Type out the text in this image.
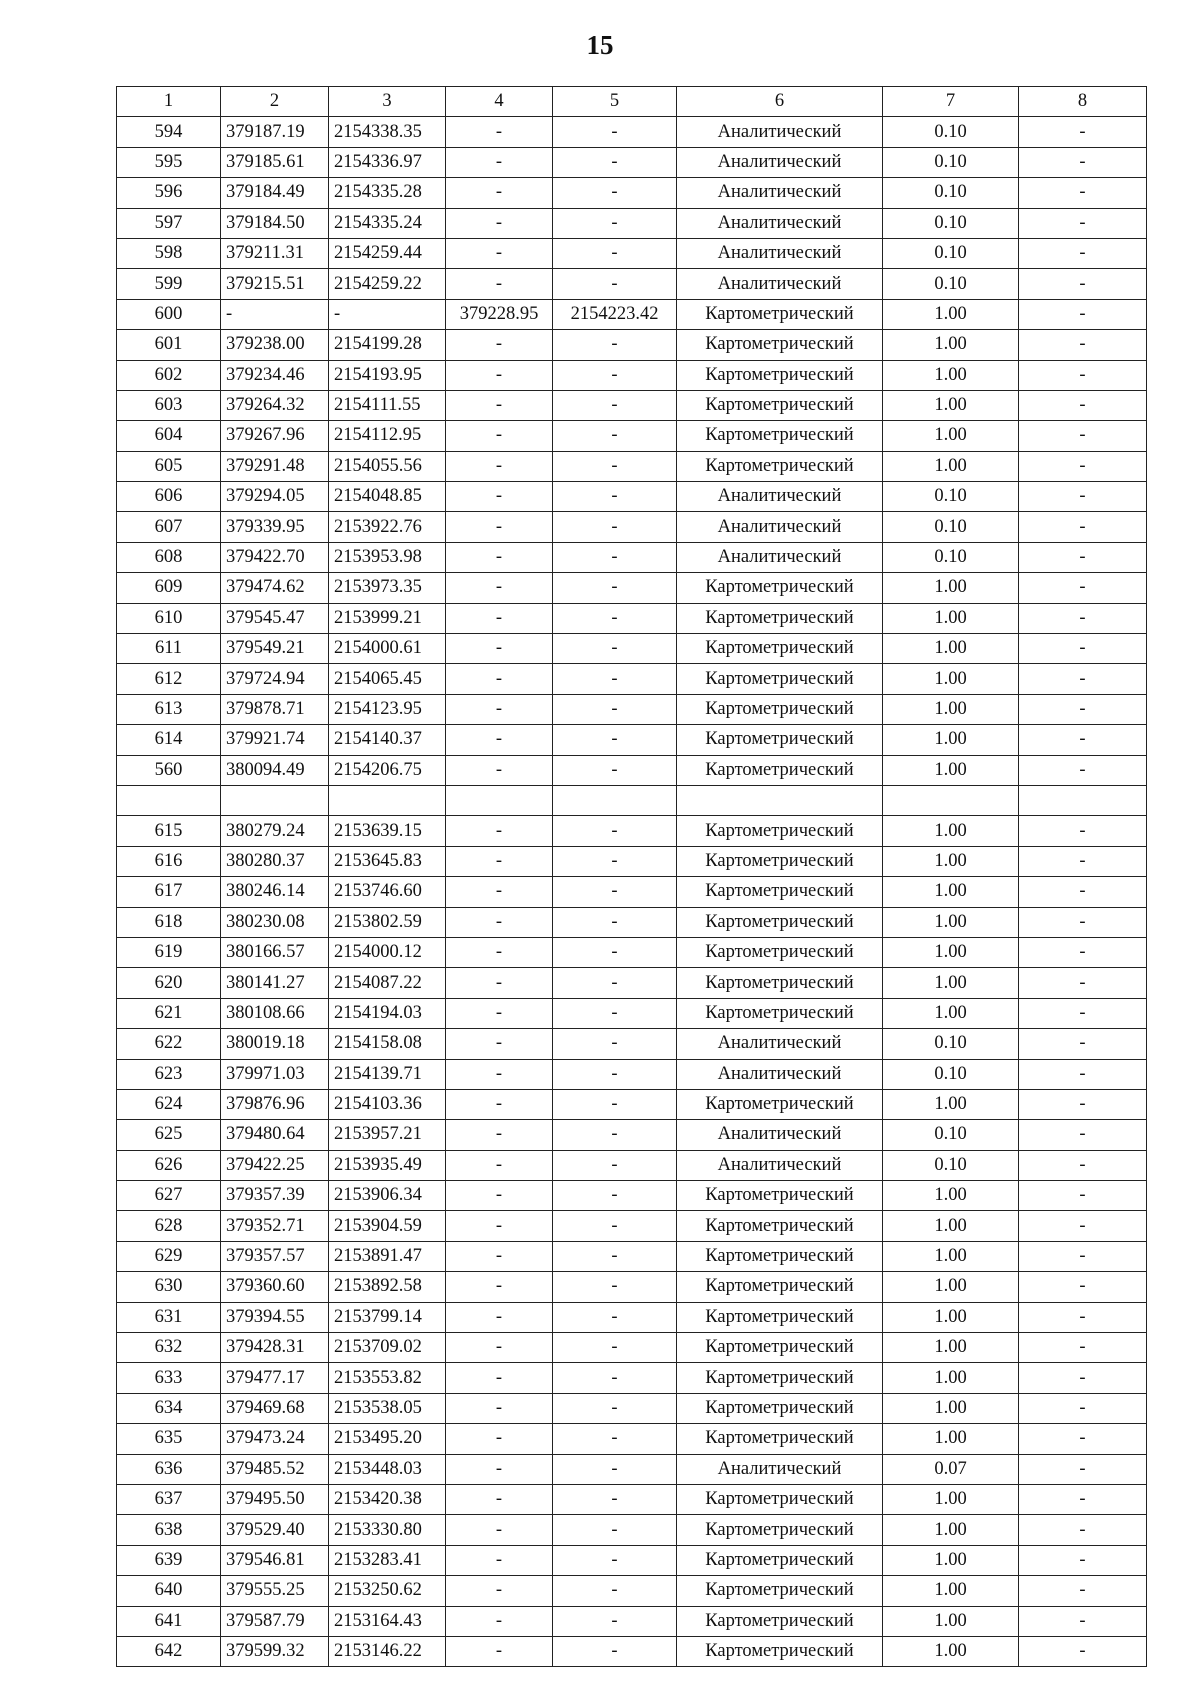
15
1	2	3	4	5	6	7	8
594	379187.19	2154338.35	-	-	Аналитический	0.10	-
595	379185.61	2154336.97	-	-	Аналитический	0.10	-
596	379184.49	2154335.28	-	-	Аналитический	0.10	-
597	379184.50	2154335.24	-	-	Аналитический	0.10	-
598	379211.31	2154259.44	-	-	Аналитический	0.10	-
599	379215.51	2154259.22	-	-	Аналитический	0.10	-
600	-	-	379228.95	2154223.42	Картометрический	1.00	-
601	379238.00	2154199.28	-	-	Картометрический	1.00	-
602	379234.46	2154193.95	-	-	Картометрический	1.00	-
603	379264.32	2154111.55	-	-	Картометрический	1.00	-
604	379267.96	2154112.95	-	-	Картометрический	1.00	-
605	379291.48	2154055.56	-	-	Картометрический	1.00	-
606	379294.05	2154048.85	-	-	Аналитический	0.10	-
607	379339.95	2153922.76	-	-	Аналитический	0.10	-
608	379422.70	2153953.98	-	-	Аналитический	0.10	-
609	379474.62	2153973.35	-	-	Картометрический	1.00	-
610	379545.47	2153999.21	-	-	Картометрический	1.00	-
611	379549.21	2154000.61	-	-	Картометрический	1.00	-
612	379724.94	2154065.45	-	-	Картометрический	1.00	-
613	379878.71	2154123.95	-	-	Картометрический	1.00	-
614	379921.74	2154140.37	-	-	Картометрический	1.00	-
560	380094.49	2154206.75	-	-	Картометрический	1.00	-

615	380279.24	2153639.15	-	-	Картометрический	1.00	-
616	380280.37	2153645.83	-	-	Картометрический	1.00	-
617	380246.14	2153746.60	-	-	Картометрический	1.00	-
618	380230.08	2153802.59	-	-	Картометрический	1.00	-
619	380166.57	2154000.12	-	-	Картометрический	1.00	-
620	380141.27	2154087.22	-	-	Картометрический	1.00	-
621	380108.66	2154194.03	-	-	Картометрический	1.00	-
622	380019.18	2154158.08	-	-	Аналитический	0.10	-
623	379971.03	2154139.71	-	-	Аналитический	0.10	-
624	379876.96	2154103.36	-	-	Картометрический	1.00	-
625	379480.64	2153957.21	-	-	Аналитический	0.10	-
626	379422.25	2153935.49	-	-	Аналитический	0.10	-
627	379357.39	2153906.34	-	-	Картометрический	1.00	-
628	379352.71	2153904.59	-	-	Картометрический	1.00	-
629	379357.57	2153891.47	-	-	Картометрический	1.00	-
630	379360.60	2153892.58	-	-	Картометрический	1.00	-
631	379394.55	2153799.14	-	-	Картометрический	1.00	-
632	379428.31	2153709.02	-	-	Картометрический	1.00	-
633	379477.17	2153553.82	-	-	Картометрический	1.00	-
634	379469.68	2153538.05	-	-	Картометрический	1.00	-
635	379473.24	2153495.20	-	-	Картометрический	1.00	-
636	379485.52	2153448.03	-	-	Аналитический	0.07	-
637	379495.50	2153420.38	-	-	Картометрический	1.00	-
638	379529.40	2153330.80	-	-	Картометрический	1.00	-
639	379546.81	2153283.41	-	-	Картометрический	1.00	-
640	379555.25	2153250.62	-	-	Картометрический	1.00	-
641	379587.79	2153164.43	-	-	Картометрический	1.00	-
642	379599.32	2153146.22	-	-	Картометрический	1.00	-
